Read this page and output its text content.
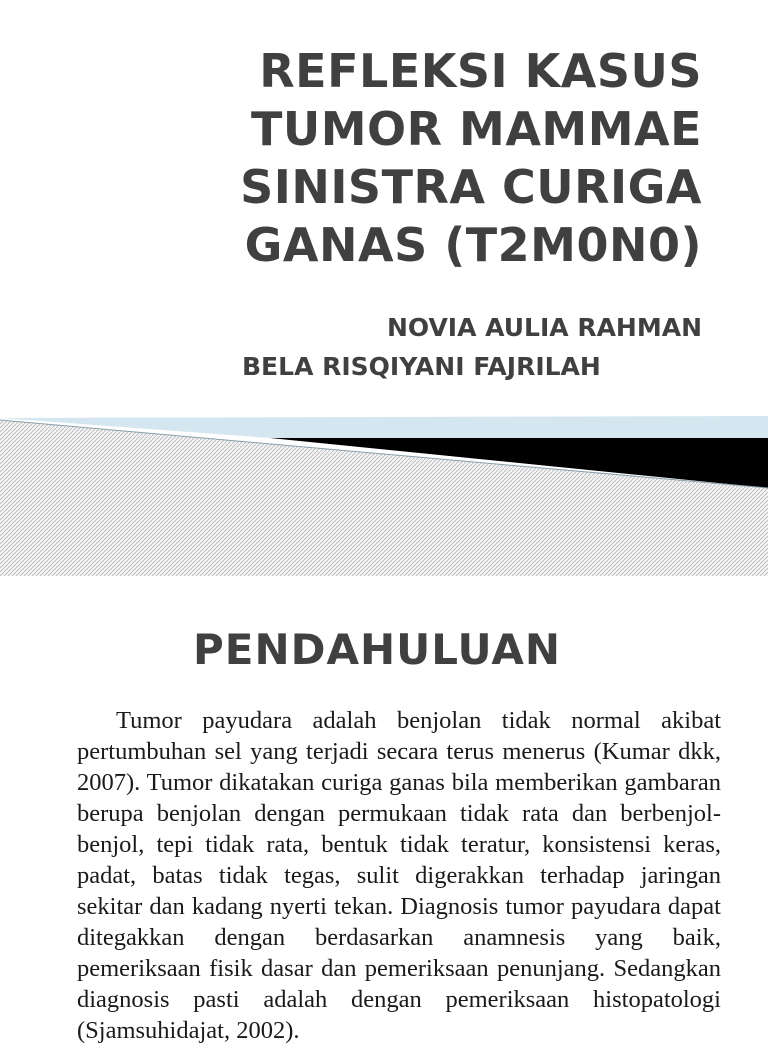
REFLEKSI KASUS TUMOR MAMMAE SINISTRA CURIGA GANAS (T2M0N0)
NOVIA AULIA RAHMAN
BELA RISQIYANI FAJRILAH
PENDAHULUAN

Tumor payudara adalah benjolan tidak normal akibat pertumbuhan sel yang terjadi secara terus menerus (Kumar dkk, 2007). Tumor dikatakan curiga ganas bila memberikan gambaran berupa benjolan dengan permukaan tidak rata dan berbenjol-benjol, tepi tidak rata, bentuk tidak teratur, konsistensi keras, padat, batas tidak tegas, sulit digerakkan terhadap jaringan sekitar dan kadang nyerti tekan. Diagnosis tumor payudara dapat ditegakkan dengan berdasarkan anamnesis yang baik, pemeriksaan fisik dasar dan pemeriksaan penunjang. Sedangkan diagnosis pasti adalah dengan pemeriksaan histopatologi (Sjamsuhidajat, 2002).
